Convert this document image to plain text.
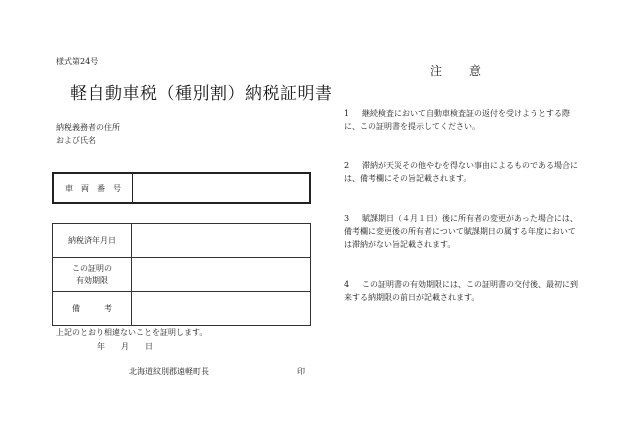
様式第24号
軽自動車税（種別割）納税証明書
納税義務者の住所
および氏名
車　両　番　号	
納税済年月日	
この証明の
有効期限	
備　　　考	
上記のとおり相違ないことを証明します。
年　　月　　日
北海道紋別郡遠軽町長	印
注　　意
1 継続検査において自動車検査証の返付を受けようとする際に、この証明書を提示してください。
2 滞納が天災その他やむを得ない事由によるものである場合には、備考欄にその旨記載されます。
3 賦課期日（４月１日）後に所有者の変更があった場合には、備考欄に変更後の所有者について賦課期日の属する年度においては滞納がない旨記載されます。
4 この証明書の有効期限には、この証明書の交付後、最初に到来する納期限の前日が記載されます。
